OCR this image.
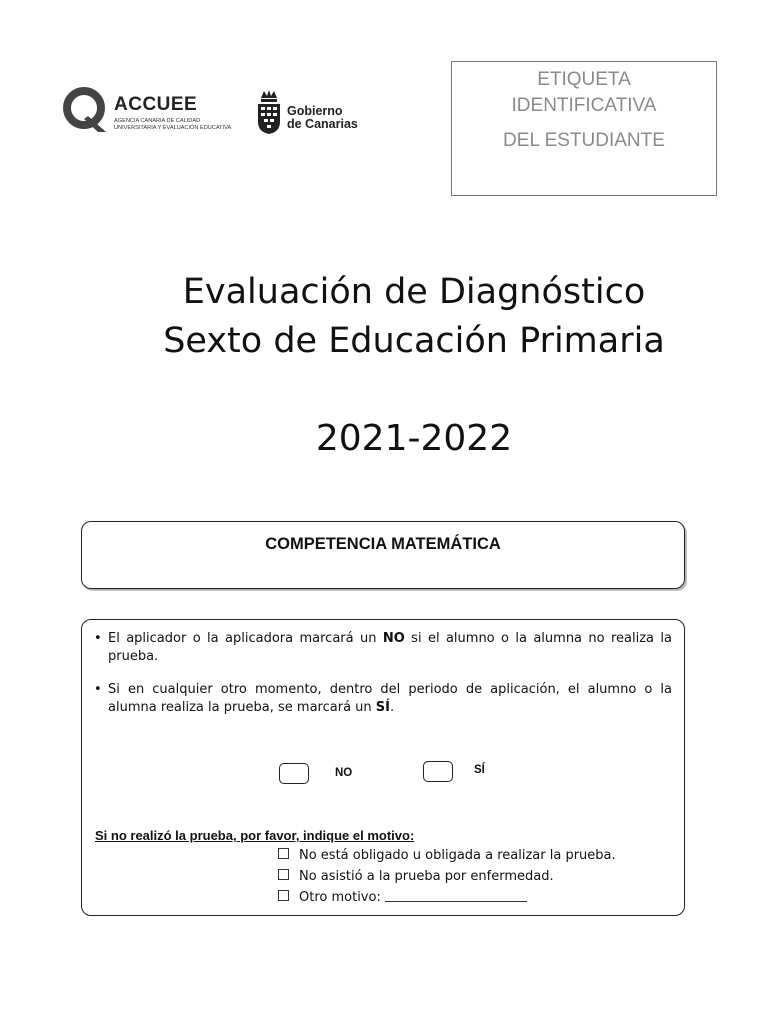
ACCUEE
AGENCIA CANARIA DE CALIDAD
UNIVERSITARIA Y EVALUACIÓN EDUCATIVA
Gobierno
de Canarias
ETIQUETA
IDENTIFICATIVA
DEL ESTUDIANTE
Evaluación de Diagnóstico
Sexto de Educación Primaria
2021-2022
COMPETENCIA MATEMÁTICA
• El aplicador o la aplicadora marcará un NO si el alumno o la alumna no realiza la prueba.
• Si en cualquier otro momento, dentro del periodo de aplicación, el alumno o la alumna realiza la prueba, se marcará un SÍ.
NO	SÍ
Si no realizó la prueba, por favor, indique el motivo:
No está obligado u obligada a realizar la prueba.
No asistió a la prueba por enfermedad.
Otro motivo:
